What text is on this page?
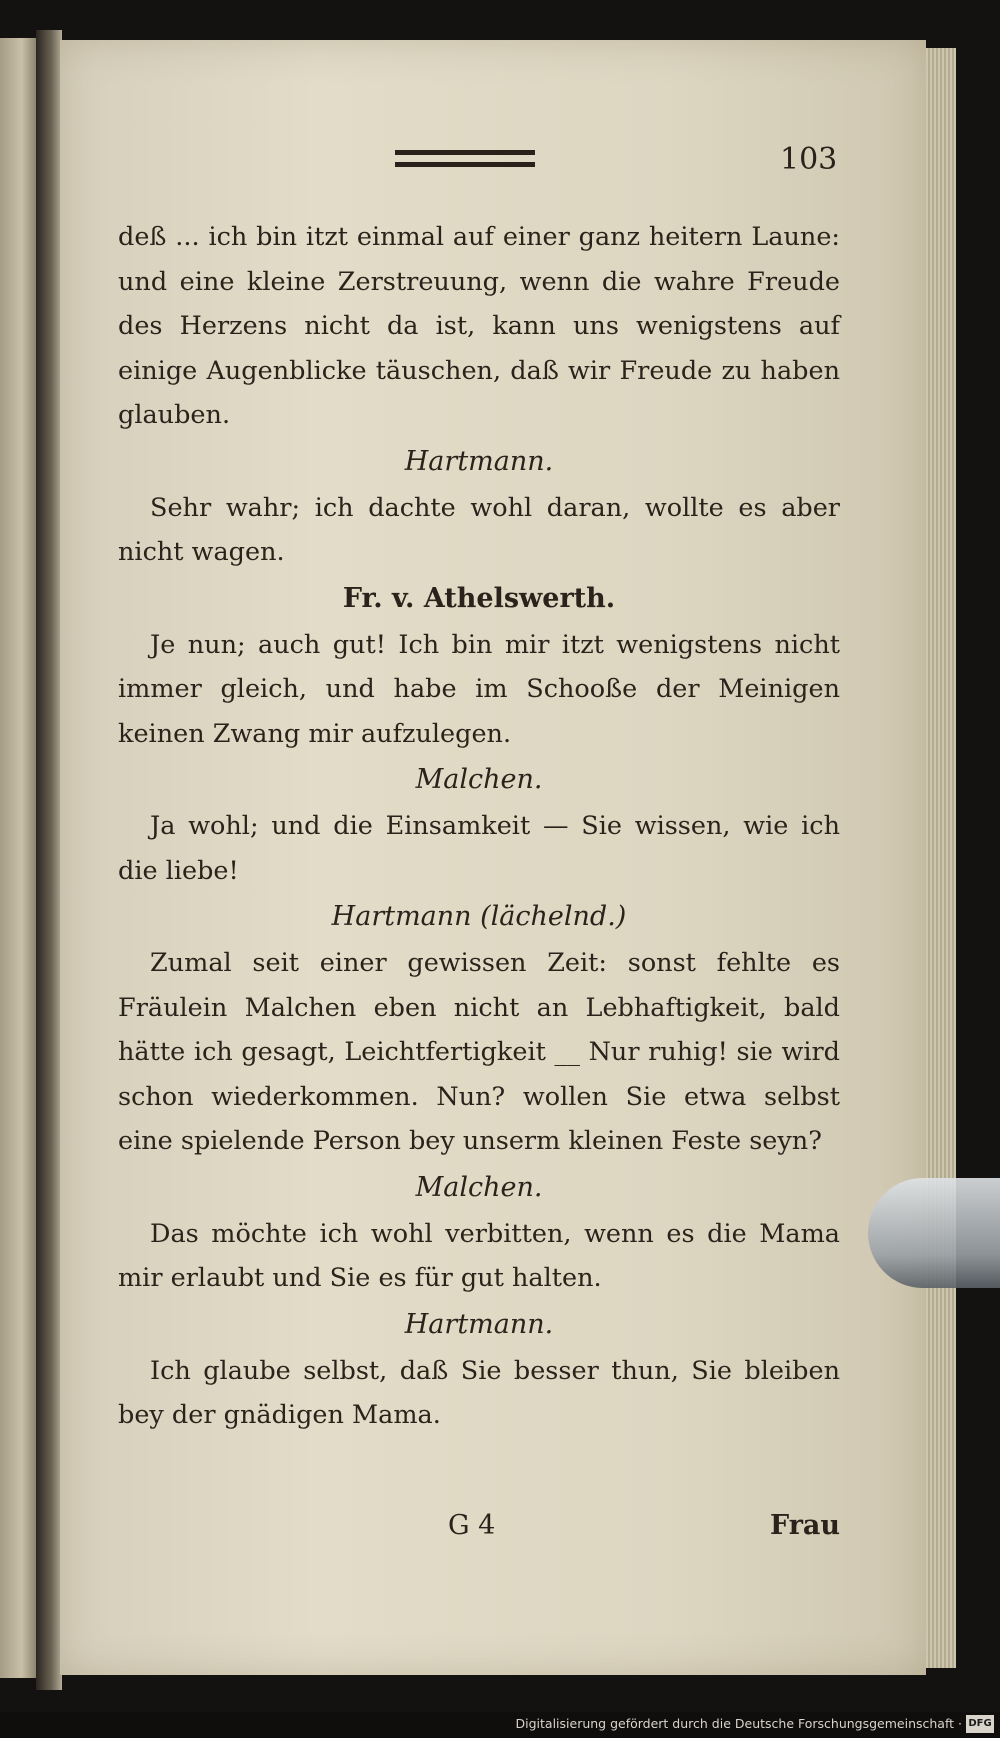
103

deß ... ich bin itzt einmal auf einer ganz heitern Laune: und eine kleine Zerstreuung, wenn die wahre Freude des Herzens nicht da ist, kann uns wenigstens auf einige Augenblicke täuschen, daß wir Freude zu haben glauben.

Hartmann.

Sehr wahr; ich dachte wohl daran, wollte es aber nicht wagen.

Fr. v. Athelswerth.

Je nun; auch gut! Ich bin mir itzt wenigstens nicht immer gleich, und habe im Schooße der Meinigen keinen Zwang mir aufzulegen.

Malchen.

Ja wohl; und die Einsamkeit — Sie wissen, wie ich die liebe!

Hartmann (lächelnd.)

Zumal seit einer gewissen Zeit: sonst fehlte es Fräulein Malchen eben nicht an Lebhaftigkeit, bald hätte ich gesagt, Leichtfertigkeit __ Nur ruhig! sie wird schon wiederkommen. Nun? wollen Sie etwa selbst eine spielende Person bey unserm kleinen Feste seyn?

Malchen.

Das möchte ich wohl verbitten, wenn es die Mama mir erlaubt und Sie es für gut halten.

Hartmann.

Ich glaube selbst, daß Sie besser thun, Sie bleiben bey der gnädigen Mama.

G 4	Frau
Digitalisierung gefördert durch die Deutsche Forschungsgemeinschaft · DFG
